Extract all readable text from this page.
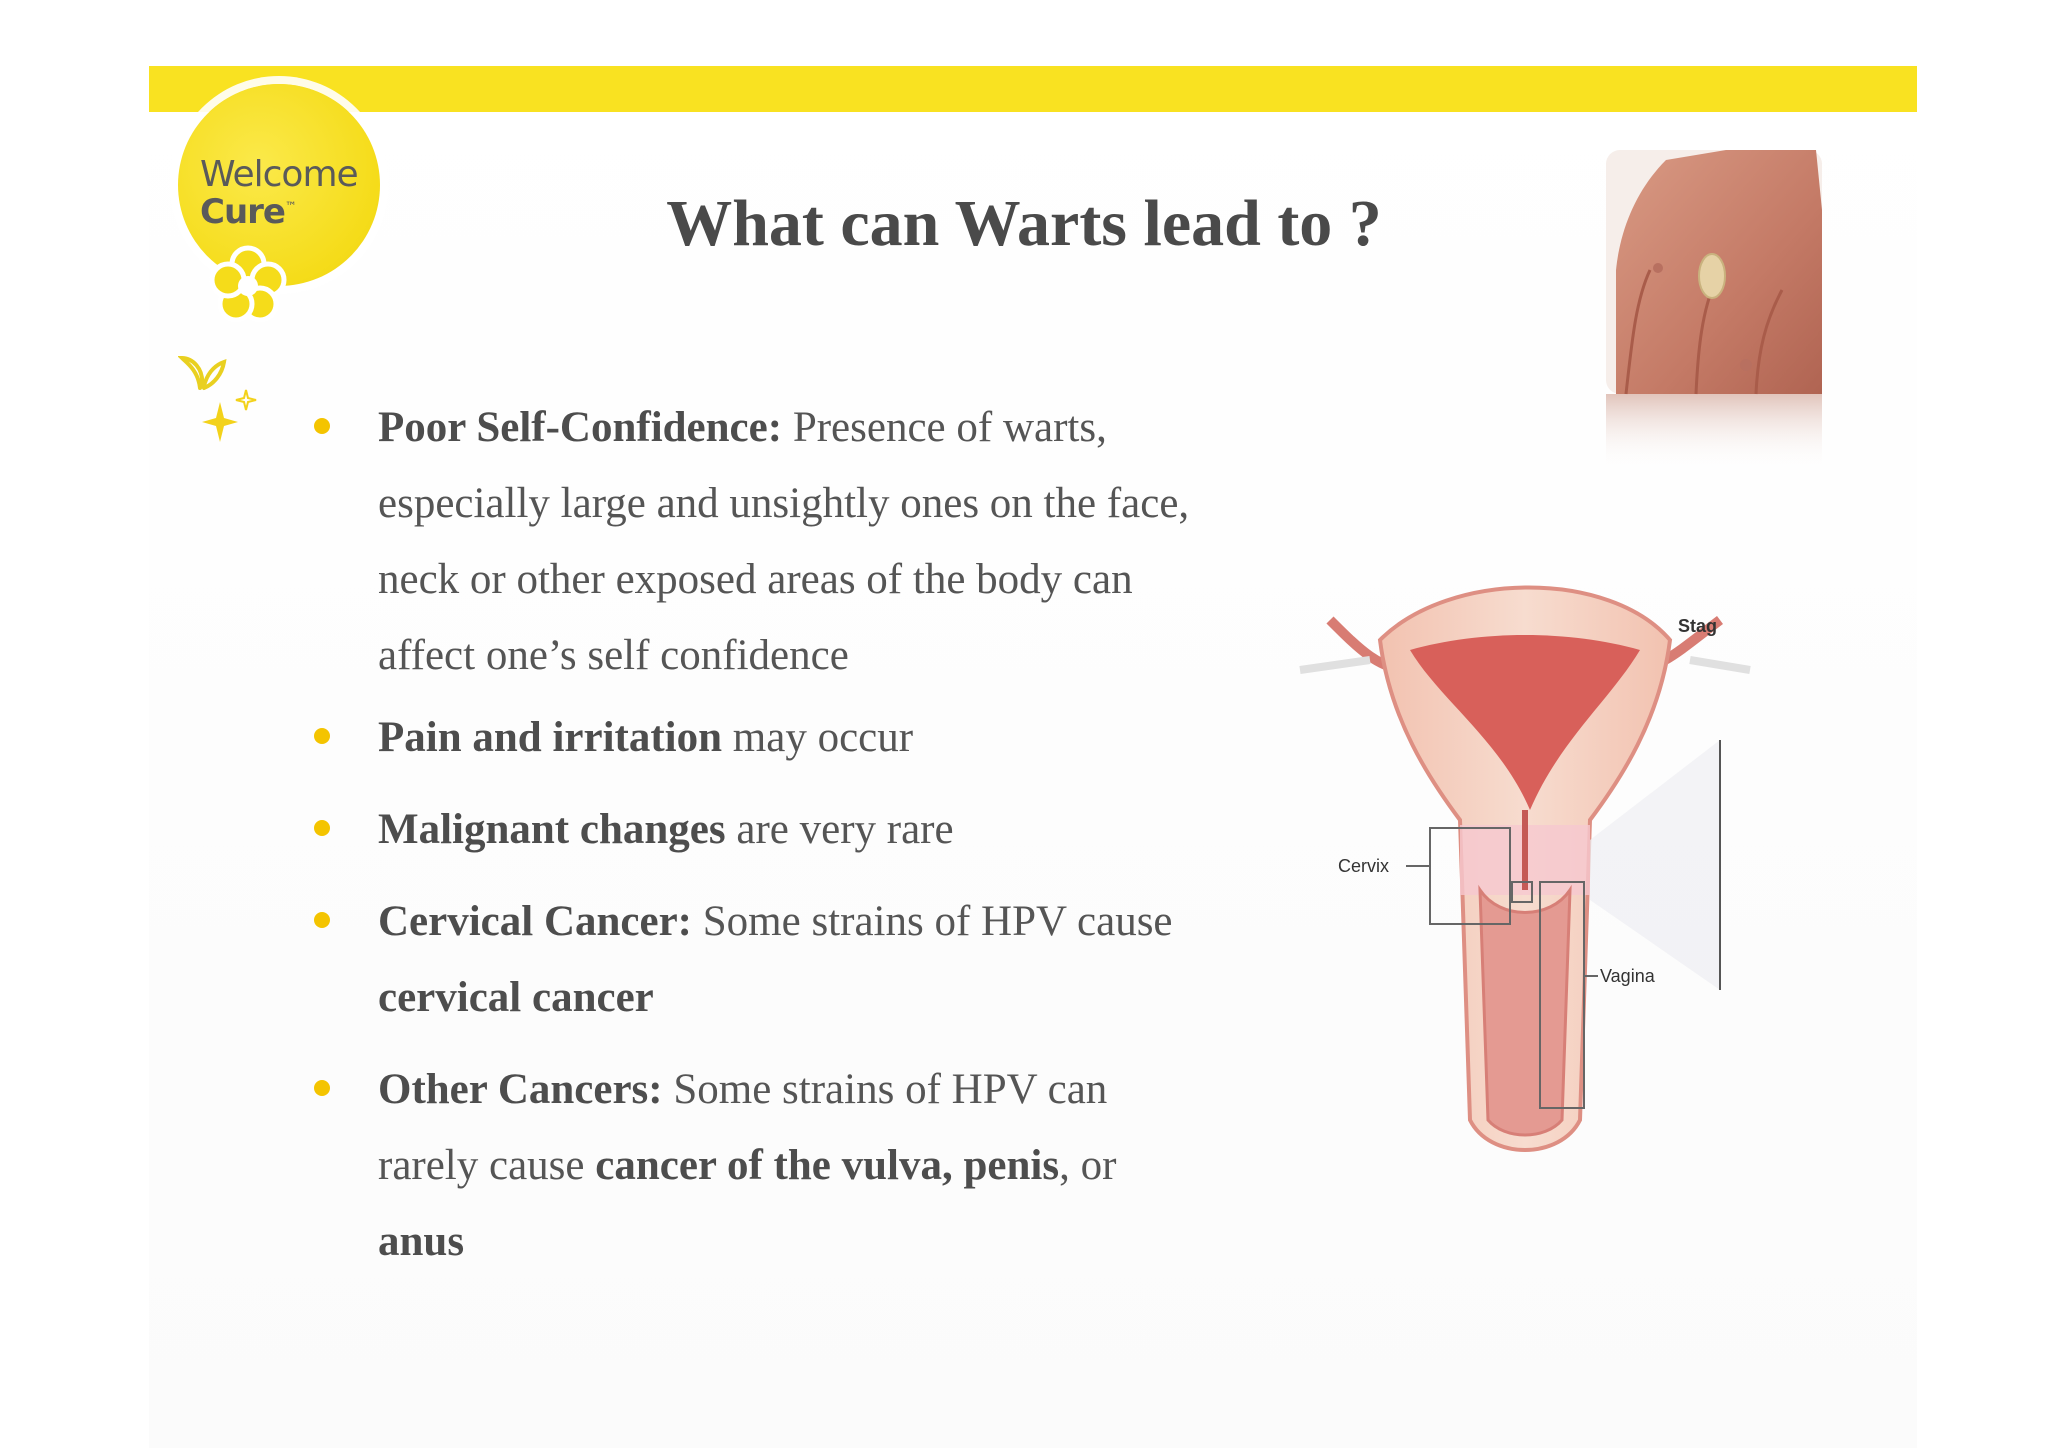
Welcome
Cure™	What can Warts lead to ?
Poor Self-Confidence: Presence of warts, especially large and unsightly ones on the face, neck or other exposed areas of the body can affect one’s self confidence
Pain and irritation may occur
Malignant changes are very rare
Cervical Cancer: Some strains of HPV cause cervical cancer
Other Cancers: Some strains of HPV can rarely cause cancer of the vulva, penis, or anus
Cervix
Vagina
Stag
